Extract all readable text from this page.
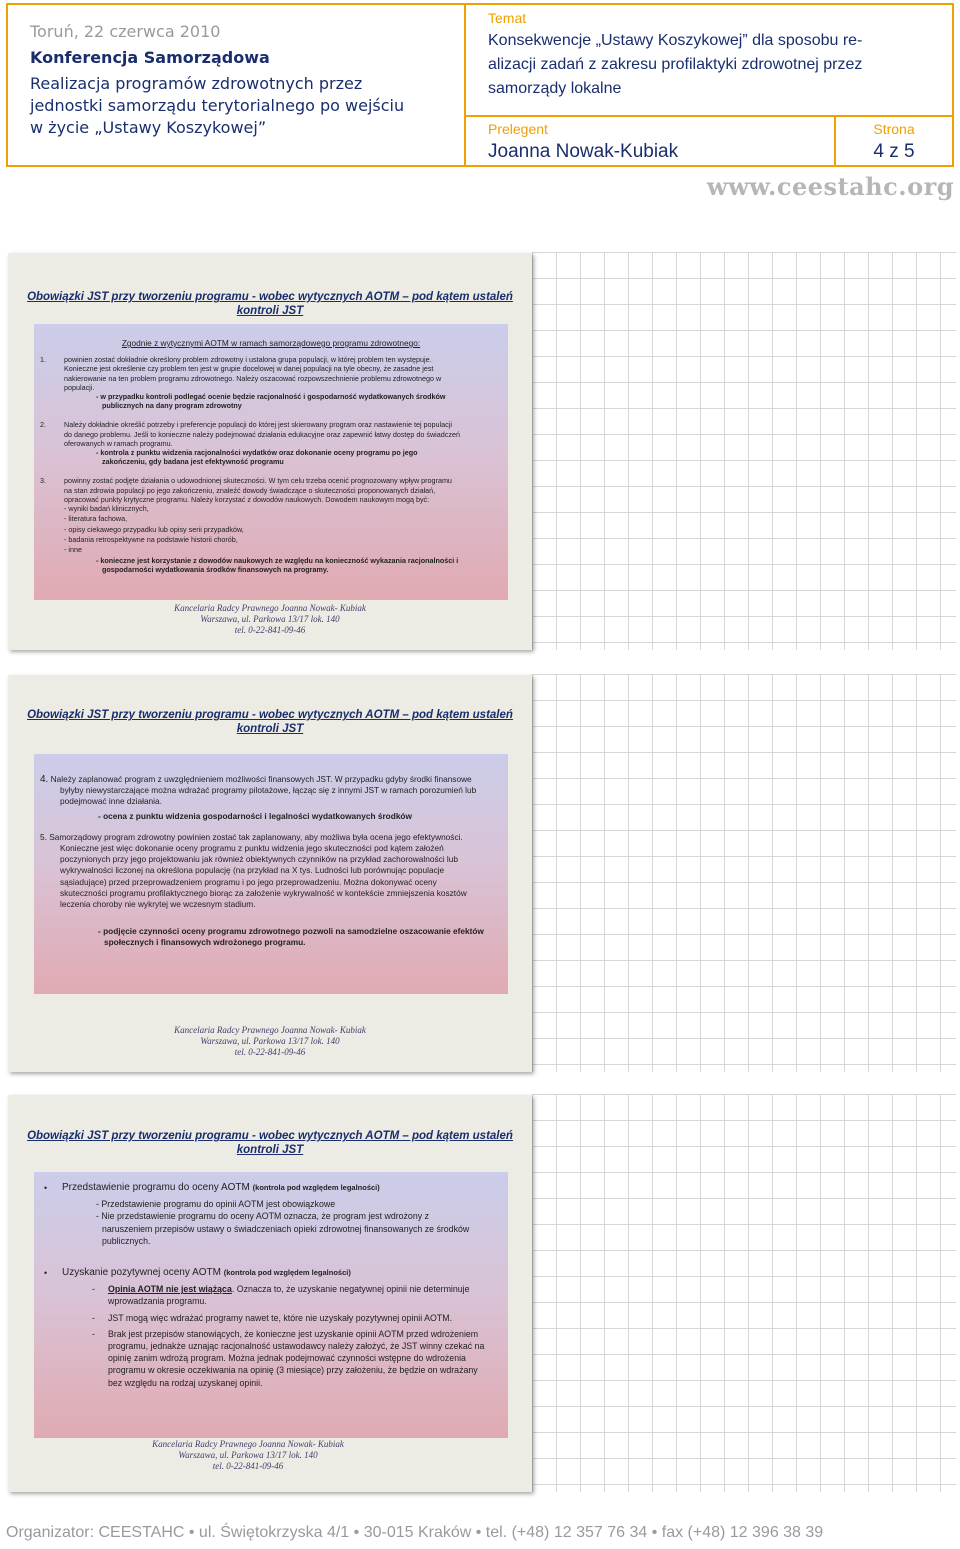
Toruń, 22 czerwca 2010
Konferencja Samorządowa
Realizacja programów zdrowotnych przez
jednostki samorządu terytorialnego po wejściu
w życie „Ustawy Koszykowej”
Temat
Konsekwencje „Ustawy Koszykowej” dla sposobu re-
alizacji zadań z zakresu profilaktyki zdrowotnej przez
samorządy lokalne
Prelegent
Joanna Nowak-Kubiak
Strona
4 z 5
www.ceestahc.org
Obowiązki JST przy tworzeniu programu - wobec wytycznych AOTM – pod kątem ustaleń
kontroli JST
Zgodnie z wytycznymi AOTM w ramach samorządowego programu zdrowotnego:
1.	powinien zostać dokładnie określony problem zdrowotny i ustalona grupa populacji, w której problem ten występuje.
Konieczne jest określenie czy problem ten jest w grupie docelowej w danej populacji na tyle obecny, że zasadne jest
nakierowanie na ten problem programu zdrowotnego. Należy oszacować rozpowszechnienie problemu zdrowotnego w
populacji.
- w przypadku kontroli podlegać ocenie będzie racjonalność i gospodarność wydatkowanych środków
publicznych na dany program zdrowotny
2.	Należy dokładnie określić potrzeby i preferencje populacji do której jest skierowany program oraz nastawienie tej populacji
do danego problemu. Jeśli to konieczne należy podejmować działania edukacyjne oraz zapewnić łatwy dostęp do świadczeń
oferowanych w ramach programu.
- kontrola z punktu widzenia racjonalności wydatków oraz dokonanie oceny programu po jego
zakończeniu, gdy badana jest efektywność programu
3.	powinny zostać podjęte działania o udowodnionej skuteczności. W tym celu trzeba ocenić prognozowany wpływ programu
na stan zdrowia populacji po jego zakończeniu, znaleźć dowody świadczące o skuteczności proponowanych działań,
opracować punkty krytyczne programu. Należy korzystać z dowodów naukowych. Dowodem naukowym mogą być:
- wyniki badań klinicznych,
- literatura fachowa,
- opisy ciekawego przypadku lub opisy serii przypadków,
- badania retrospektywne na podstawie historii chorób,
- inne
- konieczne jest korzystanie z dowodów naukowych ze względu na konieczność wykazania racjonalności i
gospodarności wydatkowania środków finansowych na programy.
Kancelaria Radcy Prawnego Joanna Nowak- Kubiak
Warszawa, ul. Parkowa 13/17 lok. 140
tel. 0-22-841-09-46
Obowiązki JST przy tworzeniu programu - wobec wytycznych AOTM – pod kątem ustaleń
kontroli JST
4. Należy zaplanować program z uwzględnieniem możliwości finansowych JST. W przypadku gdyby środki finansowe
byłyby niewystarczające można wdrażać programy pilotażowe, łącząc się z innymi JST w ramach porozumień lub
podejmować inne działania.
- ocena z punktu widzenia gospodarności i legalności wydatkowanych środków
5. Samorządowy program zdrowotny powinien zostać tak zaplanowany, aby możliwa była ocena jego efektywności.
Konieczne jest więc dokonanie oceny programu z punktu widzenia jego skuteczności pod kątem założeń
poczynionych przy jego projektowaniu jak również obiektywnych czynników na przykład zachorowalności lub
wykrywalności liczonej na określona populację (na przykład na X tys. Ludności lub porównując populacje
sąsiadujące) przed przeprowadzeniem programu i po jego przeprowadzeniu. Można dokonywać oceny
skuteczności programu profilaktycznego biorąc za założenie wykrywalność w kontekście zmniejszenia kosztów
leczenia choroby nie wykrytej we wczesnym stadium.
- podjęcie czynności oceny programu zdrowotnego pozwoli na samodzielne oszacowanie efektów
społecznych i finansowych wdrożonego programu.
Kancelaria Radcy Prawnego Joanna Nowak- Kubiak
Warszawa, ul. Parkowa 13/17 lok. 140
tel. 0-22-841-09-46
Obowiązki JST przy tworzeniu programu - wobec wytycznych AOTM – pod kątem ustaleń
kontroli JST
• Przedstawienie programu do oceny AOTM (kontrola pod względem legalności)
- Przedstawienie programu do opinii AOTM jest obowiązkowe
- Nie przedstawienie programu do oceny AOTM oznacza, że program jest wdrożony z
naruszeniem przepisów ustawy o świadczeniach opieki zdrowotnej finansowanych ze środków
publicznych.
• Uzyskanie pozytywnej oceny AOTM (kontrola pod względem legalności)
- Opinia AOTM nie jest wiążąca. Oznacza to, że uzyskanie negatywnej opinii nie determinuje
wprowadzania programu.
- JST mogą więc wdrażać programy nawet te, które nie uzyskały pozytywnej opinii AOTM.
- Brak jest przepisów stanowiących, że konieczne jest uzyskanie opinii AOTM przed wdrożeniem
programu, jednakże uznając racjonalność ustawodawcy należy założyć, że JST winny czekać na
opinię zanim wdrożą program. Można jednak podejmować czynności wstępne do wdrożenia
programu w okresie oczekiwania na opinię (3 miesiące) przy założeniu, że będzie on wdrażany
bez względu na rodzaj uzyskanej opinii.
Kancelaria Radcy Prawnego Joanna Nowak- Kubiak
Warszawa, ul. Parkowa 13/17 lok. 140
tel. 0-22-841-09-46
Organizator: CEESTAHC • ul. Świętokrzyska 4/1 • 30-015 Kraków • tel. (+48) 12 357 76 34 • fax (+48) 12 396 38 39
